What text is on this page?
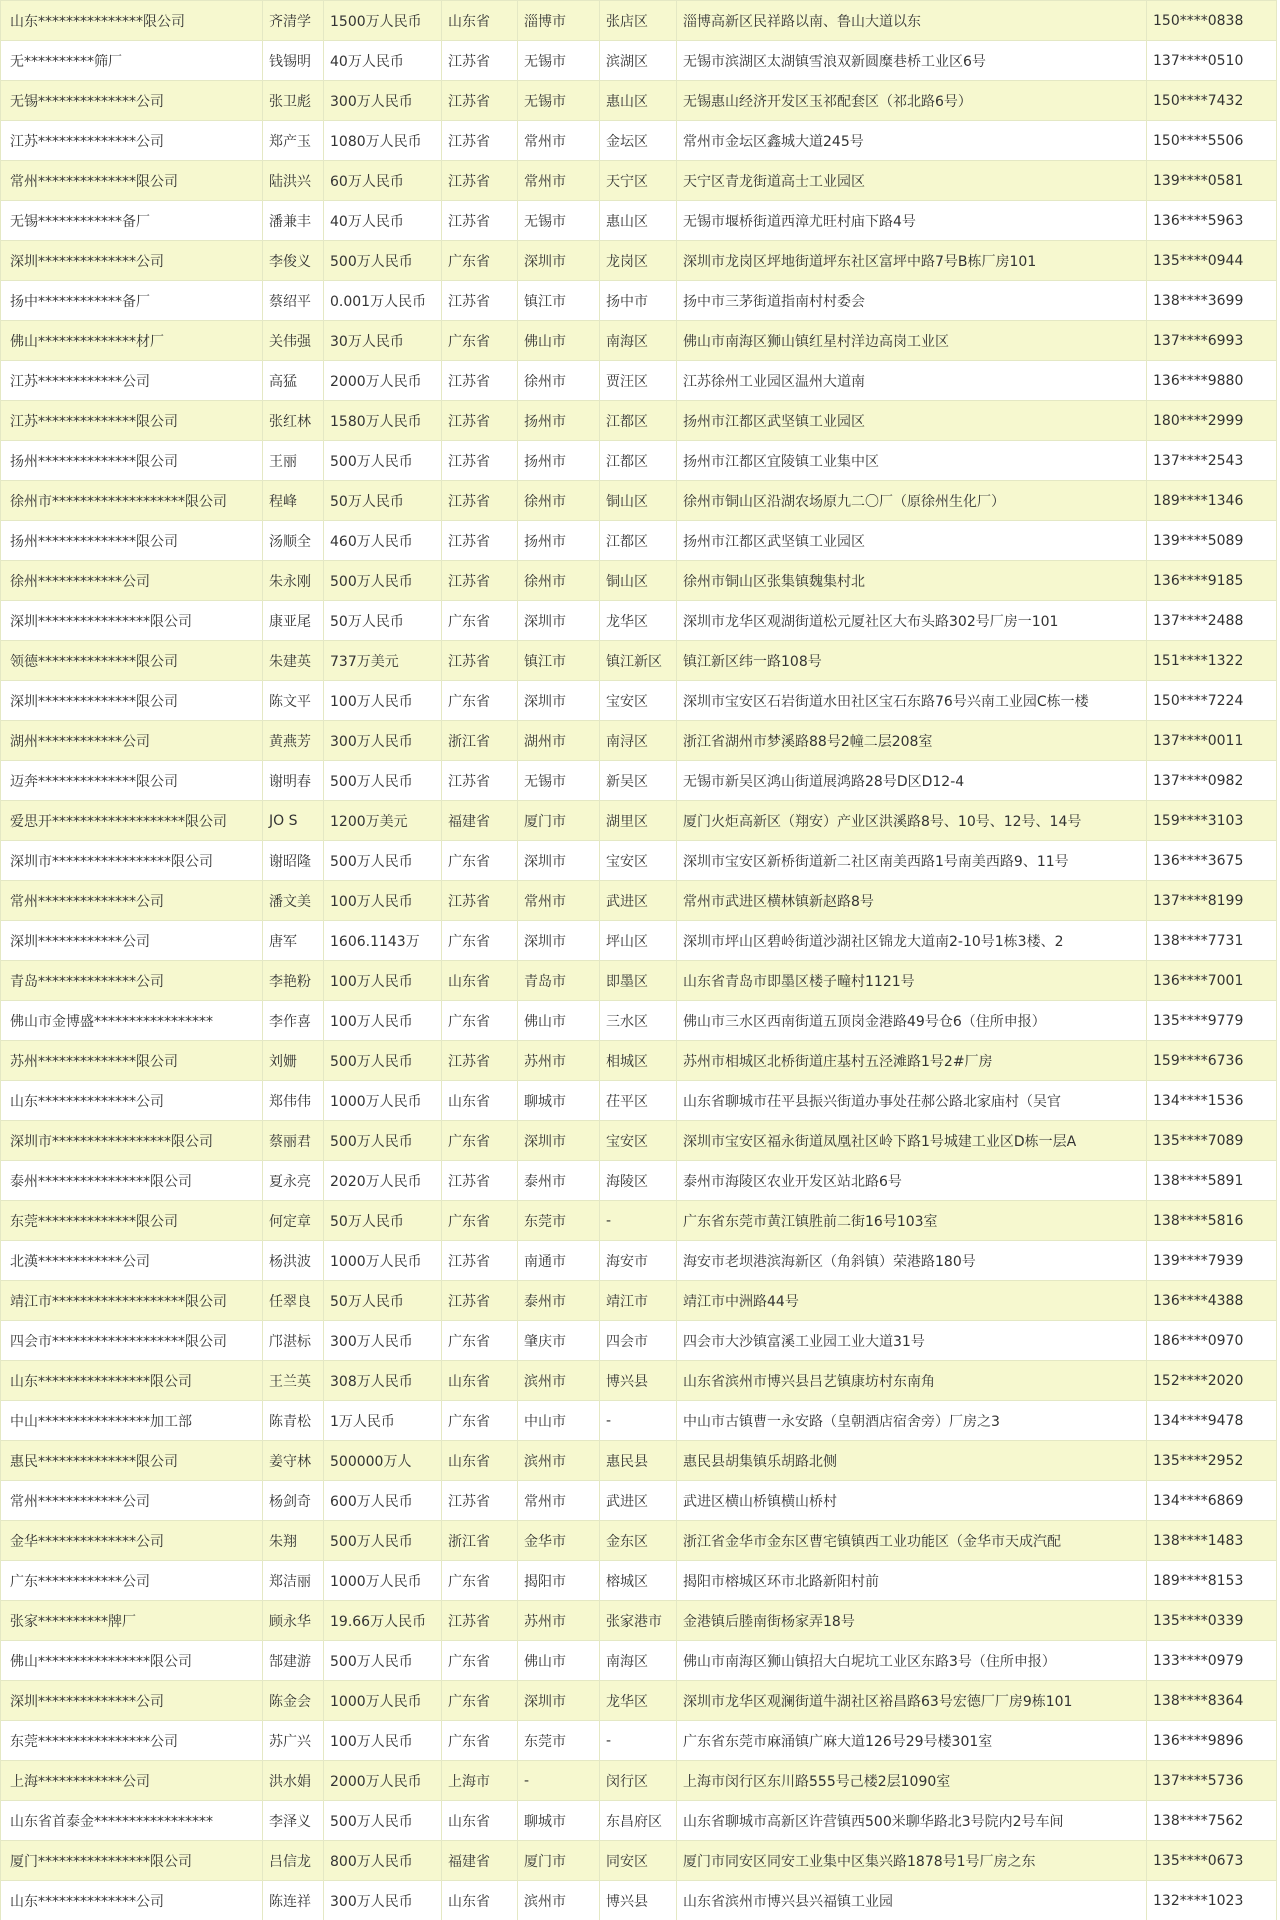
山东***************限公司	齐清学	1500万人民币	山东省	淄博市	张店区	淄博高新区民祥路以南、鲁山大道以东	150****0838
无**********筛厂	钱锡明	40万人民币	江苏省	无锡市	滨湖区	无锡市滨湖区太湖镇雪浪双新圆糜巷桥工业区6号	137****0510
无锡**************公司	张卫彪	300万人民币	江苏省	无锡市	惠山区	无锡惠山经济开发区玉祁配套区（祁北路6号）	150****7432
江苏**************公司	郑产玉	1080万人民币	江苏省	常州市	金坛区	常州市金坛区鑫城大道245号	150****5506
常州**************限公司	陆洪兴	60万人民币	江苏省	常州市	天宁区	天宁区青龙街道高士工业园区	139****0581
无锡************备厂	潘兼丰	40万人民币	江苏省	无锡市	惠山区	无锡市堰桥街道西漳尤旺村庙下路4号	136****5963
深圳**************公司	李俊义	500万人民币	广东省	深圳市	龙岗区	深圳市龙岗区坪地街道坪东社区富坪中路7号B栋厂房101	135****0944
扬中************备厂	蔡绍平	0.001万人民币	江苏省	镇江市	扬中市	扬中市三茅街道指南村村委会	138****3699
佛山**************材厂	关伟强	30万人民币	广东省	佛山市	南海区	佛山市南海区狮山镇红星村洋边高岗工业区	137****6993
江苏************公司	高猛	2000万人民币	江苏省	徐州市	贾汪区	江苏徐州工业园区温州大道南	136****9880
江苏**************限公司	张红林	1580万人民币	江苏省	扬州市	江都区	扬州市江都区武坚镇工业园区	180****2999
扬州**************限公司	王丽	500万人民币	江苏省	扬州市	江都区	扬州市江都区宜陵镇工业集中区	137****2543
徐州市*******************限公司	程峰	50万人民币	江苏省	徐州市	铜山区	徐州市铜山区沿湖农场原九二〇厂（原徐州生化厂）	189****1346
扬州**************限公司	汤顺全	460万人民币	江苏省	扬州市	江都区	扬州市江都区武坚镇工业园区	139****5089
徐州************公司	朱永刚	500万人民币	江苏省	徐州市	铜山区	徐州市铜山区张集镇魏集村北	136****9185
深圳****************限公司	康亚尾	50万人民币	广东省	深圳市	龙华区	深圳市龙华区观湖街道松元厦社区大布头路302号厂房一101	137****2488
领德**************限公司	朱建英	737万美元	江苏省	镇江市	镇江新区	镇江新区纬一路108号	151****1322
深圳**************限公司	陈文平	100万人民币	广东省	深圳市	宝安区	深圳市宝安区石岩街道水田社区宝石东路76号兴南工业园C栋一楼	150****7224
湖州************公司	黄燕芳	300万人民币	浙江省	湖州市	南浔区	浙江省湖州市梦溪路88号2幢二层208室	137****0011
迈奔**************限公司	谢明春	500万人民币	江苏省	无锡市	新吴区	无锡市新吴区鸿山街道展鸿路28号D区D12-4	137****0982
爱思开*******************限公司	JO S	1200万美元	福建省	厦门市	湖里区	厦门火炬高新区（翔安）产业区洪溪路8号、10号、12号、14号	159****3103
深圳市*****************限公司	谢昭隆	500万人民币	广东省	深圳市	宝安区	深圳市宝安区新桥街道新二社区南美西路1号南美西路9、11号	136****3675
常州**************公司	潘文美	100万人民币	江苏省	常州市	武进区	常州市武进区横林镇新赵路8号	137****8199
深圳************公司	唐军	1606.1143万	广东省	深圳市	坪山区	深圳市坪山区碧岭街道沙湖社区锦龙大道南2-10号1栋3楼、2	138****7731
青岛**************公司	李艳粉	100万人民币	山东省	青岛市	即墨区	山东省青岛市即墨区楼子疃村1121号	136****7001
佛山市金博盛*****************	李作喜	100万人民币	广东省	佛山市	三水区	佛山市三水区西南街道五顶岗金港路49号仓6（住所申报）	135****9779
苏州**************限公司	刘姗	500万人民币	江苏省	苏州市	相城区	苏州市相城区北桥街道庄基村五泾滩路1号2#厂房	159****6736
山东**************公司	郑伟伟	1000万人民币	山东省	聊城市	茌平区	山东省聊城市茌平县振兴街道办事处茌郝公路北家庙村（吴官	134****1536
深圳市*****************限公司	蔡丽君	500万人民币	广东省	深圳市	宝安区	深圳市宝安区福永街道凤凰社区岭下路1号城建工业区D栋一层A	135****7089
泰州****************限公司	夏永亮	2020万人民币	江苏省	泰州市	海陵区	泰州市海陵区农业开发区站北路6号	138****5891
东莞**************限公司	何定章	50万人民币	广东省	东莞市	-	广东省东莞市黄江镇胜前二街16号103室	138****5816
北漢************公司	杨洪波	1000万人民币	江苏省	南通市	海安市	海安市老坝港滨海新区（角斜镇）荣港路180号	139****7939
靖江市*******************限公司	任翠良	50万人民币	江苏省	泰州市	靖江市	靖江市中洲路44号	136****4388
四会市*******************限公司	邝湛标	300万人民币	广东省	肇庆市	四会市	四会市大沙镇富溪工业园工业大道31号	186****0970
山东****************限公司	王兰英	308万人民币	山东省	滨州市	博兴县	山东省滨州市博兴县吕艺镇康坊村东南角	152****2020
中山****************加工部	陈青松	1万人民币	广东省	中山市	-	中山市古镇曹一永安路（皇朝酒店宿舍旁）厂房之3	134****9478
惠民**************限公司	姜守林	500000万人	山东省	滨州市	惠民县	惠民县胡集镇乐胡路北侧	135****2952
常州************公司	杨剑奇	600万人民币	江苏省	常州市	武进区	武进区横山桥镇横山桥村	134****6869
金华**************公司	朱翔	500万人民币	浙江省	金华市	金东区	浙江省金华市金东区曹宅镇镇西工业功能区（金华市天成汽配	138****1483
广东************公司	郑洁丽	1000万人民币	广东省	揭阳市	榕城区	揭阳市榕城区环市北路新阳村前	189****8153
张家**********牌厂	顾永华	19.66万人民币	江苏省	苏州市	张家港市	金港镇后塍南街杨家弄18号	135****0339
佛山****************限公司	郜建游	500万人民币	广东省	佛山市	南海区	佛山市南海区狮山镇招大白坭坑工业区东路3号（住所申报）	133****0979
深圳**************公司	陈金会	1000万人民币	广东省	深圳市	龙华区	深圳市龙华区观澜街道牛湖社区裕昌路63号宏德厂厂房9栋101	138****8364
东莞****************公司	苏广兴	100万人民币	广东省	东莞市	-	广东省东莞市麻涌镇广麻大道126号29号楼301室	136****9896
上海************公司	洪水娟	2000万人民币	上海市	-	闵行区	上海市闵行区东川路555号己楼2层1090室	137****5736
山东省首泰金*****************	李泽义	500万人民币	山东省	聊城市	东昌府区	山东省聊城市高新区许营镇西500米聊华路北3号院内2号车间	138****7562
厦门****************限公司	吕信龙	800万人民币	福建省	厦门市	同安区	厦门市同安区同安工业集中区集兴路1878号1号厂房之东	135****0673
山东**************公司	陈连祥	300万人民币	山东省	滨州市	博兴县	山东省滨州市博兴县兴福镇工业园	132****1023
